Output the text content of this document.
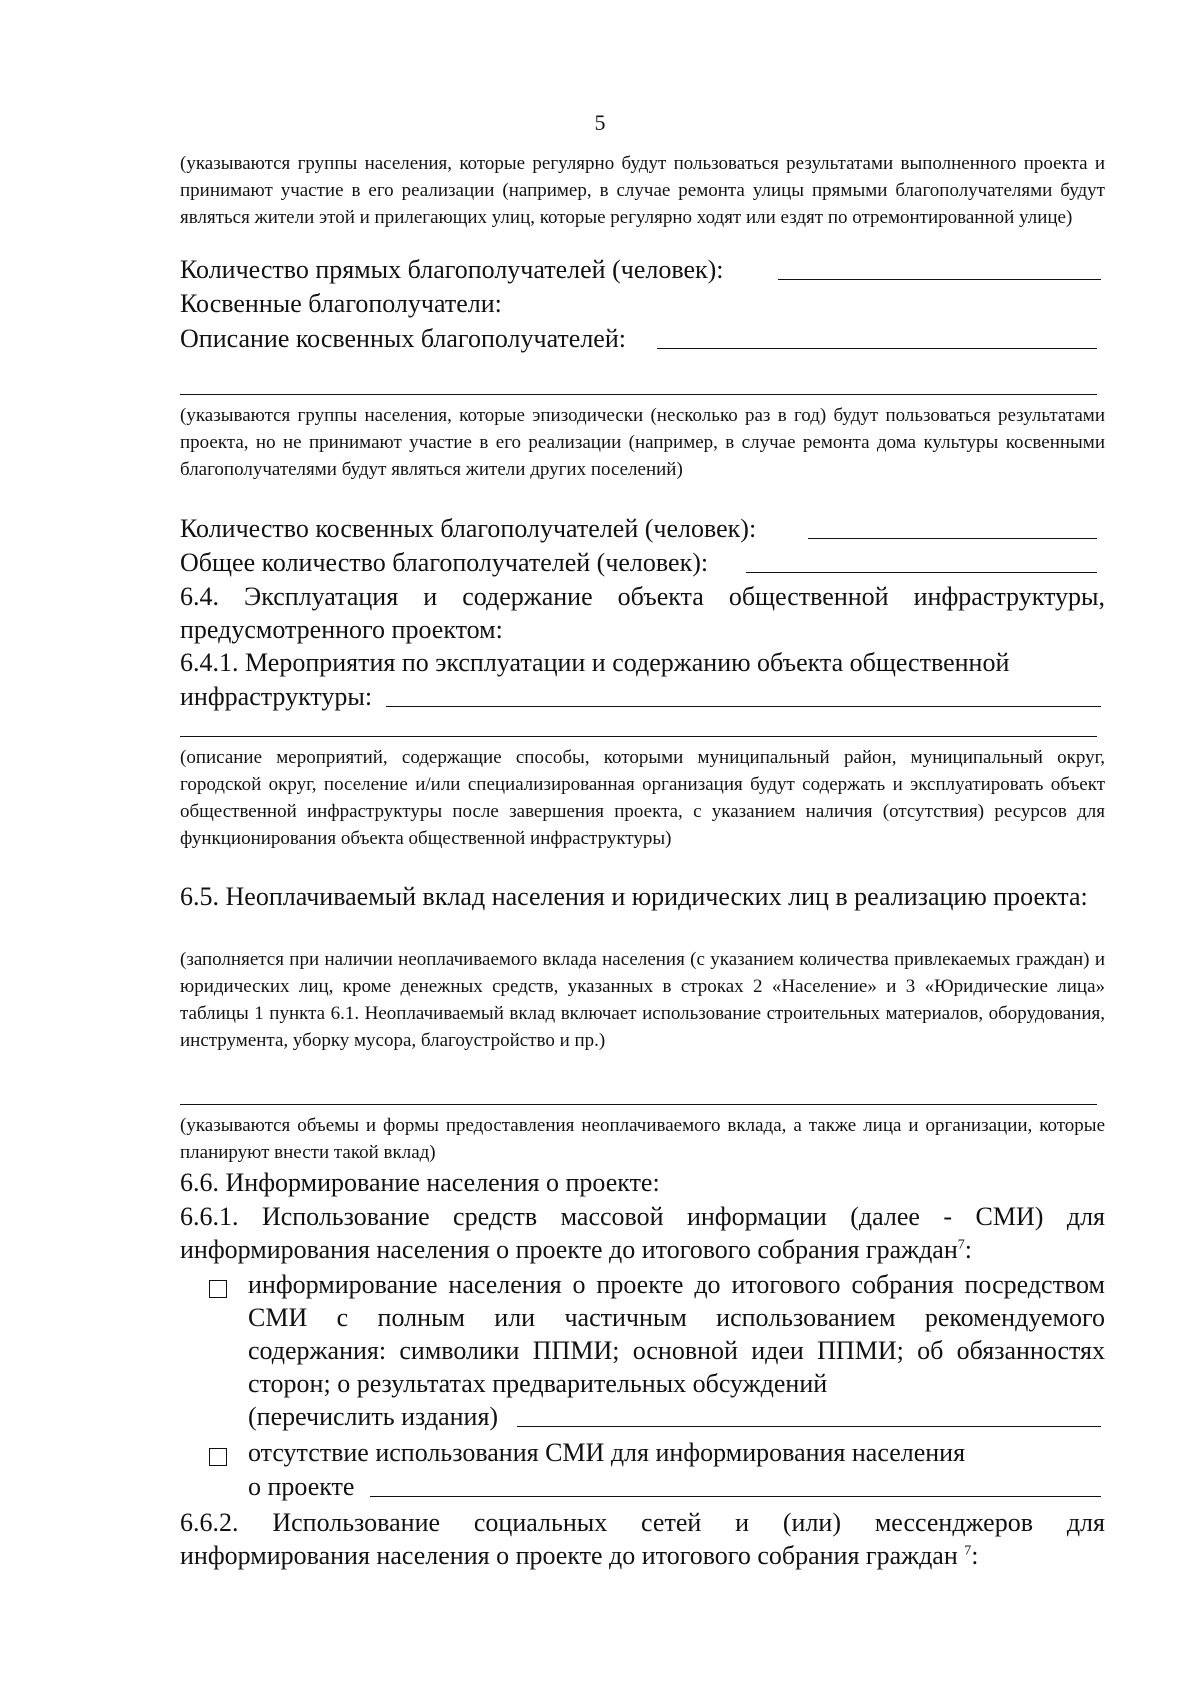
5
(указываются группы населения, которые регулярно будут пользоваться результатами выполненного проекта и принимают участие в его реализации (например, в случае ремонта улицы прямыми благополучателями будут являться жители этой и прилегающих улиц, которые регулярно ходят или ездят по отремонтированной улице)
Количество прямых благополучателей (человек):
Косвенные благополучатели:
Описание косвенных благополучателей:
(указываются группы населения, которые эпизодически (несколько раз в год) будут пользоваться результатами проекта, но не принимают участие в его реализации (например, в случае ремонта дома культуры косвенными благополучателями будут являться жители других поселений)
Количество косвенных благополучателей (человек):
Общее количество благополучателей (человек):
6.4. Эксплуатация и содержание объекта общественной инфраструктуры, предусмотренного проектом:
6.4.1. Мероприятия по эксплуатации и содержанию объекта общественной
инфраструктуры:
(описание мероприятий, содержащие способы, которыми муниципальный район, муниципальный округ, городской округ, поселение и/или специализированная организация будут содержать и эксплуатировать объект общественной инфраструктуры после завершения проекта, с указанием наличия (отсутствия) ресурсов для функционирования объекта общественной инфраструктуры)
6.5. Неоплачиваемый вклад населения и юридических лиц в реализацию проекта:
(заполняется при наличии неоплачиваемого вклада населения (с указанием количества привлекаемых граждан) и юридических лиц, кроме денежных средств, указанных в строках 2 «Население» и 3 «Юридические лица» таблицы 1 пункта 6.1. Неоплачиваемый вклад включает использование строительных материалов, оборудования, инструмента, уборку мусора, благоустройство и пр.)
(указываются объемы и формы предоставления неоплачиваемого вклада, а также лица и организации, которые планируют внести такой вклад)
6.6. Информирование населения о проекте:
6.6.1. Использование средств массовой информации (далее - СМИ) для информирования населения о проекте до итогового собрания граждан$^7$:
информирование населения о проекте до итогового собрания посредством СМИ с полным или частичным использованием рекомендуемого содержания: символики ППМИ; основной идеи ППМИ; об обязанностях сторон; о результатах предварительных обсуждений
(перечислить издания)
отсутствие использования СМИ для информирования населения
о проекте
6.6.2. Использование социальных сетей и (или) мессенджеров для информирования населения о проекте до итогового собрания граждан $^7$:
